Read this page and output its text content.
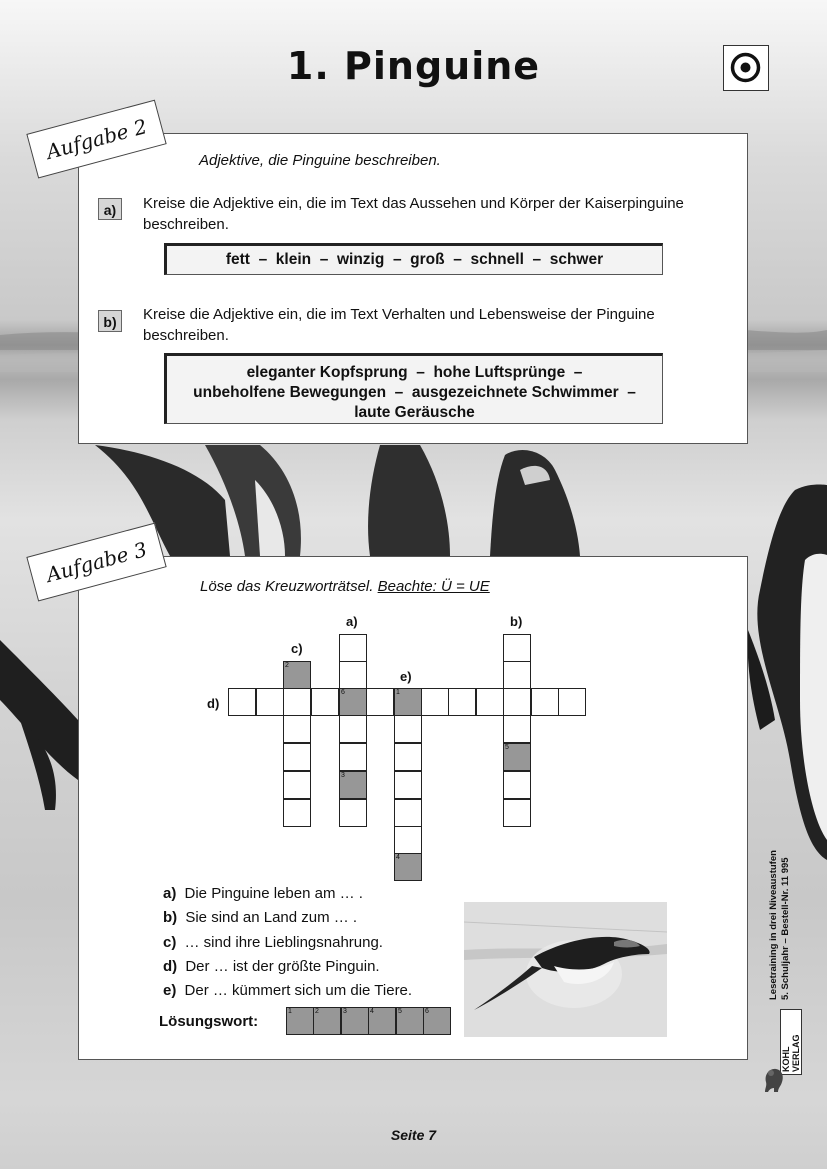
1. Pinguine
Aufgabe 2	Adjektive, die Pinguine beschreiben.
a)	Kreise die Adjektive ein, die im Text das Aussehen und Körper der Kaiserpinguine beschreiben.
fett  –  klein  –  winzig  –  groß  –  schnell  –  schwer
b)	Kreise die Adjektive ein, die im Text Verhalten und Lebensweise der Pinguine beschreiben.
eleganter Kopfsprung  –  hohe Luftsprünge  –
unbeholfene Bewegungen  –  ausgezeichnete Schwimmer  –
laute Geräusche
Aufgabe 3	Löse das Kreuzworträtsel. Beachte: Ü = UE
6
3
5
2
4
1
a)	b)
c)
d)
e)
a) Die Pinguine leben am … .
b) Sie sind an Land zum … .
c) … sind ihre Lieblingsnahrung.
d) Der … ist der größte Pinguin.
e) Der … kümmert sich um die Tiere.
Lösungswort:
1	2	3	4	5	6
Lesetraining in drei Niveaustufen 5. Schuljahr – Bestell-Nr. 11 995
KOHL VERLAG
Seite 7
